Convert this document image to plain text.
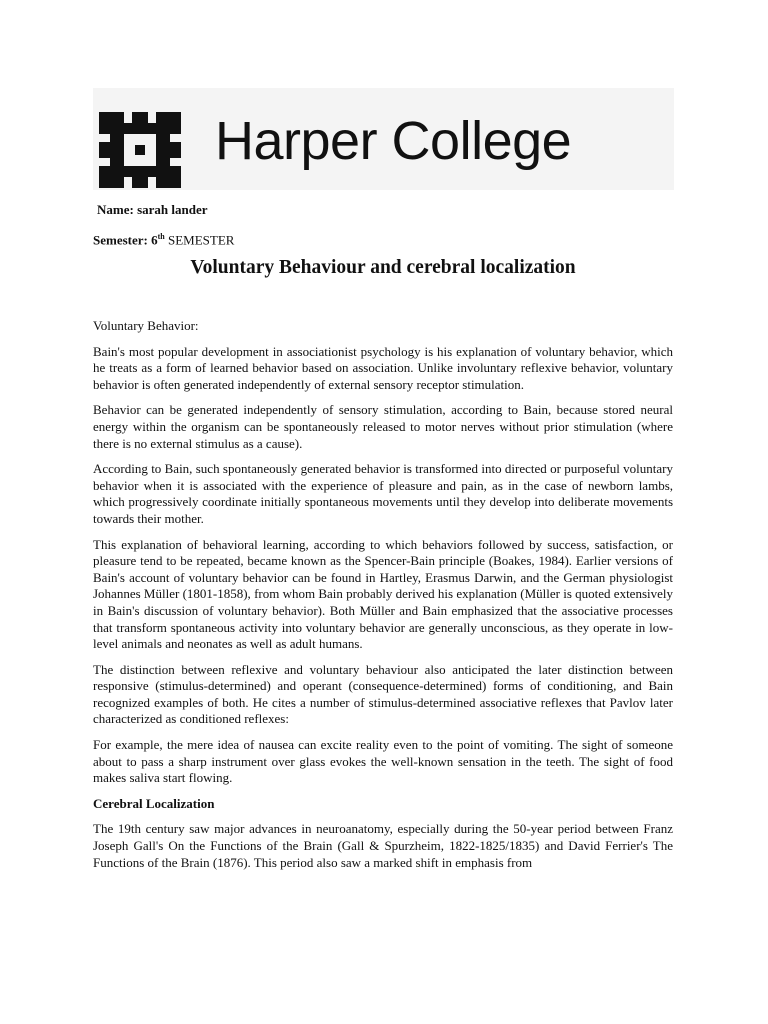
Harper College
Name: sarah lander
Semester: 6th SEMESTER
Voluntary Behaviour and cerebral localization

Voluntary Behavior:

Bain's most popular development in associationist psychology is his explanation of voluntary behavior, which he treats as a form of learned behavior based on association. Unlike involuntary reflexive behavior, voluntary behavior is often generated independently of external sensory receptor stimulation.

Behavior can be generated independently of sensory stimulation, according to Bain, because stored neural energy within the organism can be spontaneously released to motor nerves without prior stimulation (where there is no external stimulus as a cause).

According to Bain, such spontaneously generated behavior is transformed into directed or purposeful voluntary behavior when it is associated with the experience of pleasure and pain, as in the case of newborn lambs, which progressively coordinate initially spontaneous movements until they develop into deliberate movements towards their mother.

This explanation of behavioral learning, according to which behaviors followed by success, satisfaction, or pleasure tend to be repeated, became known as the Spencer-Bain principle (Boakes, 1984). Earlier versions of Bain's account of voluntary behavior can be found in Hartley, Erasmus Darwin, and the German physiologist Johannes Müller (1801-1858), from whom Bain probably derived his explanation (Müller is quoted extensively in Bain's discussion of voluntary behavior). Both Müller and Bain emphasized that the associative processes that transform spontaneous activity into voluntary behavior are generally unconscious, as they operate in low-level animals and neonates as well as adult humans.

The distinction between reflexive and voluntary behaviour also anticipated the later distinction between responsive (stimulus-determined) and operant (consequence-determined) forms of conditioning, and Bain recognized examples of both. He cites a number of stimulus-determined associative reflexes that Pavlov later characterized as conditioned reflexes:

For example, the mere idea of nausea can excite reality even to the point of vomiting. The sight of someone about to pass a sharp instrument over glass evokes the well-known sensation in the teeth. The sight of food makes saliva start flowing.

Cerebral Localization

The 19th century saw major advances in neuroanatomy, especially during the 50-year period between Franz Joseph Gall's On the Functions of the Brain (Gall & Spurzheim, 1822-1825/1835) and David Ferrier's The Functions of the Brain (1876). This period also saw a marked shift in emphasis from
